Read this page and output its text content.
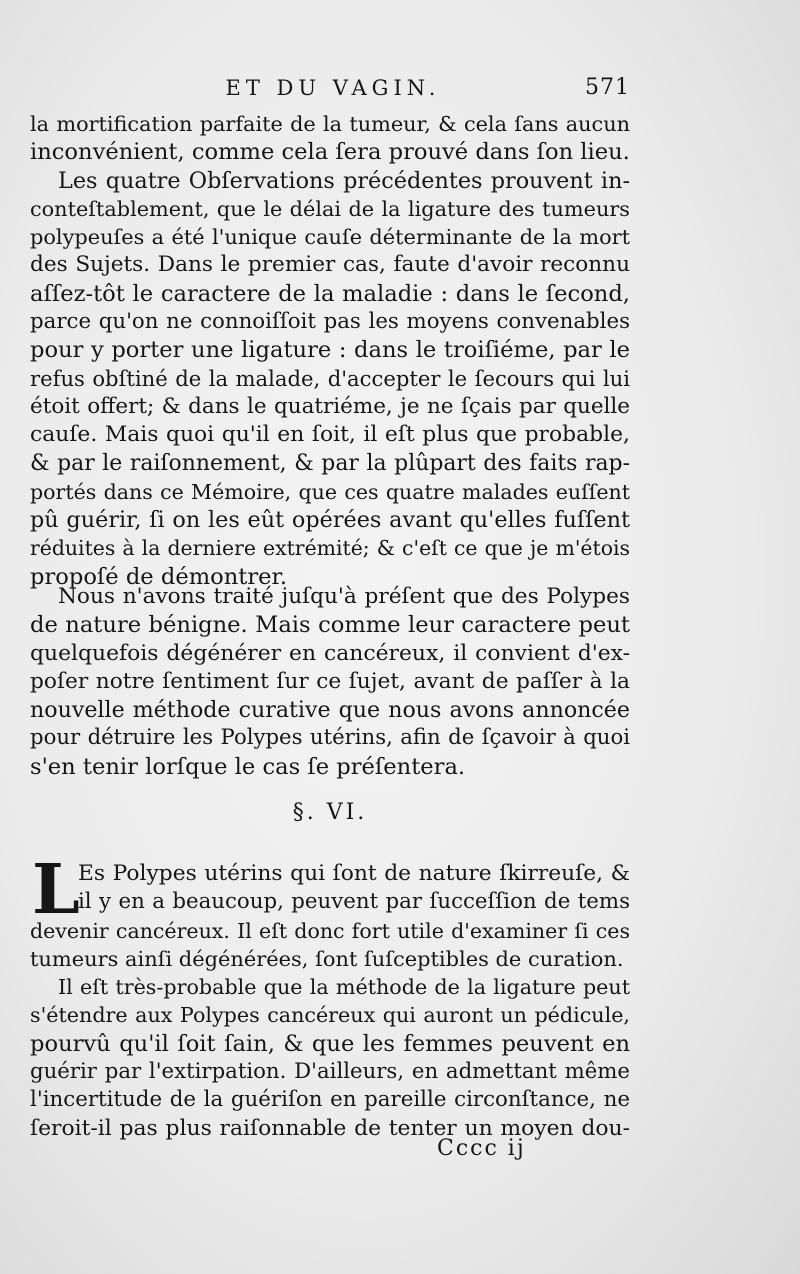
ET DU VAGIN.	571
la mortification parfaite de la tumeur, & cela ſans aucun
inconvénient, comme cela ſera prouvé dans ſon lieu.
Les quatre Obſervations précédentes prouvent in-
conteſtablement, que le délai de la ligature des tumeurs
polypeuſes a été l'unique cauſe déterminante de la mort
des Sujets. Dans le premier cas, faute d'avoir reconnu
aſſez-tôt le caractere de la maladie : dans le ſecond,
parce qu'on ne connoiſſoit pas les moyens convenables
pour y porter une ligature : dans le troiſiéme, par le
refus obſtiné de la malade, d'accepter le ſecours qui lui
étoit offert; & dans le quatriéme, je ne ſçais par quelle
cauſe. Mais quoi qu'il en ſoit, il eſt plus que probable,
& par le raiſonnement, & par la plûpart des faits rap-
portés dans ce Mémoire, que ces quatre malades euſſent
pû guérir, ſi on les eût opérées avant qu'elles fuſſent
réduites à la derniere extrémité; & c'eſt ce que je m'étois
propoſé de démontrer.
Nous n'avons traité juſqu'à préſent que des Polypes
de nature bénigne. Mais comme leur caractere peut
quelquefois dégénérer en cancéreux, il convient d'ex-
poſer notre ſentiment ſur ce ſujet, avant de paſſer à la
nouvelle méthode curative que nous avons annoncée
pour détruire les Polypes utérins, afin de ſçavoir à quoi
s'en tenir lorſque le cas ſe préſentera.
§. VI.
L
Es Polypes utérins qui ſont de nature ſkirreuſe, &
il y en a beaucoup, peuvent par ſucceſſion de tems
devenir cancéreux. Il eſt donc fort utile d'examiner ſi ces
tumeurs ainſi dégénérées, ſont ſuſceptibles de curation.
Il eſt très-probable que la méthode de la ligature peut
s'étendre aux Polypes cancéreux qui auront un pédicule,
pourvû qu'il ſoit ſain, & que les femmes peuvent en
guérir par l'extirpation. D'ailleurs, en admettant même
l'incertitude de la guériſon en pareille circonſtance, ne
ſeroit-il pas plus raiſonnable de tenter un moyen dou-
Cccc ij
